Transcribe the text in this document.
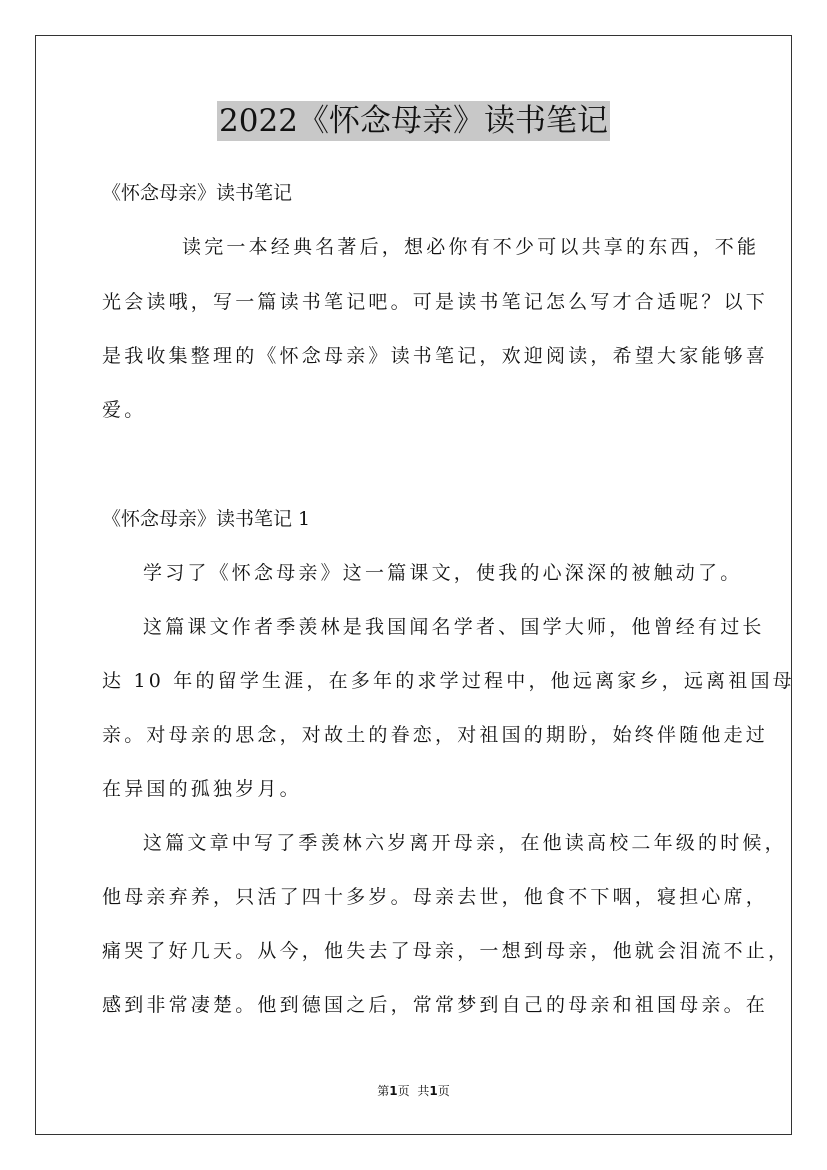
2022《怀念母亲》读书笔记
《怀念母亲》读书笔记
读完一本经典名著后，想必你有不少可以共享的东西，不能
光会读哦，写一篇读书笔记吧。可是读书笔记怎么写才合适呢？以下
是我收集整理的《怀念母亲》读书笔记，欢迎阅读，希望大家能够喜
爱。
《怀念母亲》读书笔记 1
学习了《怀念母亲》这一篇课文，使我的心深深的被触动了。
这篇课文作者季羡林是我国闻名学者、国学大师，他曾经有过长
达 10 年的留学生涯，在多年的求学过程中，他远离家乡，远离祖国母
亲。对母亲的思念，对故土的眷恋，对祖国的期盼，始终伴随他走过
在异国的孤独岁月。
这篇文章中写了季羡林六岁离开母亲，在他读高校二年级的时候，
他母亲弃养，只活了四十多岁。母亲去世，他食不下咽，寝担心席，
痛哭了好几天。从今，他失去了母亲，一想到母亲，他就会泪流不止，
感到非常凄楚。他到德国之后，常常梦到自己的母亲和祖国母亲。在
第1页 共1页
